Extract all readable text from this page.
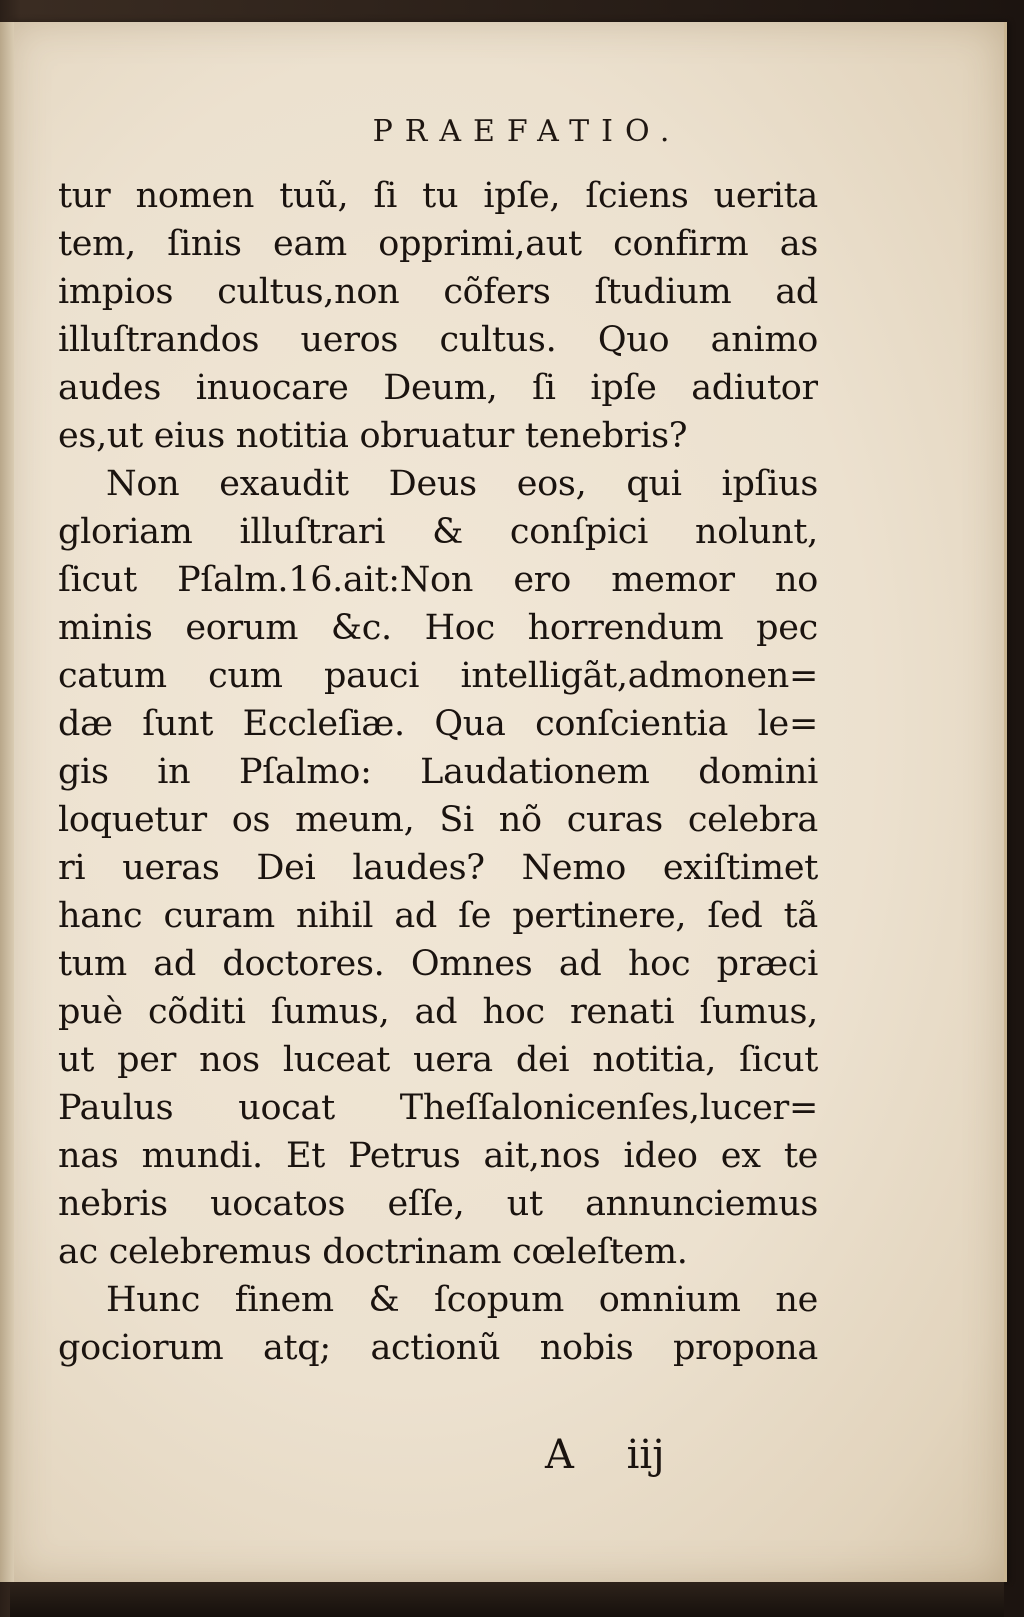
PRAEFATIO.
tur nomen tuũ, ſi tu ipſe, ſciens uerita
tem, ſinis eam opprimi,aut confirm as
impios cultus,non cõfers ſtudium ad
illuſtrandos ueros cultus. Quo animo
audes inuocare Deum, ſi ipſe adiutor
es,ut eius notitia obruatur tenebris?
Non exaudit Deus eos, qui ipſius
gloriam illuſtrari & conſpici nolunt,
ſicut Pſalm.16.ait:Non ero memor no
minis eorum &c. Hoc horrendum pec
catum cum pauci intelligãt,admonen=
dæ ſunt Eccleſiæ. Qua conſcientia le=
gis in Pſalmo: Laudationem domini
loquetur os meum, Si nõ curas celebra
ri ueras Dei laudes? Nemo exiſtimet
hanc curam nihil ad ſe pertinere, ſed tã
tum ad doctores. Omnes ad hoc præci
puè cõditi ſumus, ad hoc renati ſumus,
ut per nos luceat uera dei notitia, ſicut
Paulus uocat Theſſalonicenſes,lucer=
nas mundi. Et Petrus ait,nos ideo ex te
nebris uocatos eſſe, ut annunciemus
ac celebremus doctrinam cœleſtem.
Hunc finem & ſcopum omnium ne
gociorum atq; actionũ nobis propona
A iij
